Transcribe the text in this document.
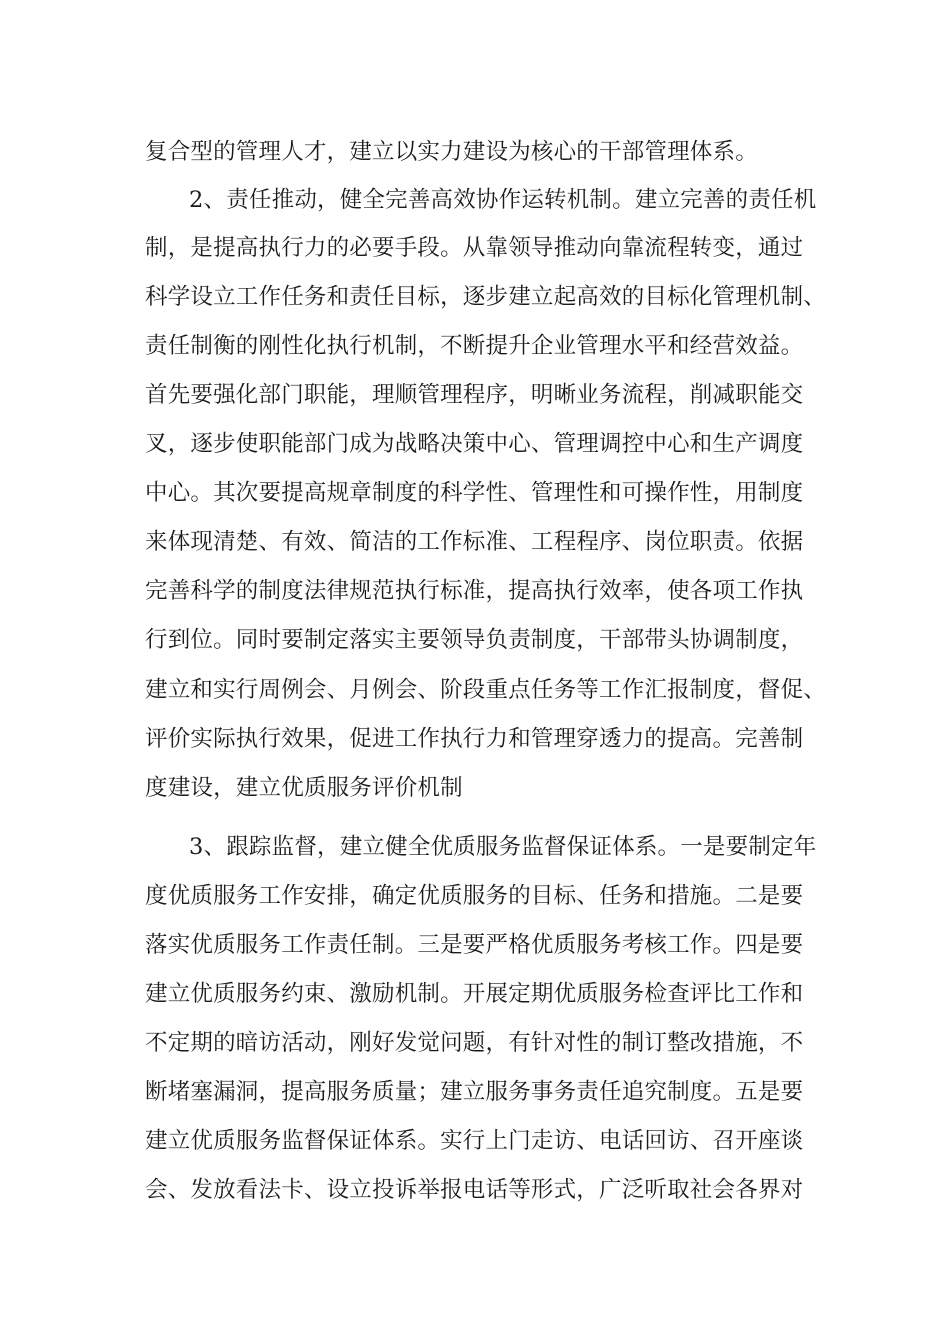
复合型的管理人才，建立以实力建设为核心的干部管理体系。
2、责任推动，健全完善高效协作运转机制。建立完善的责任机
制，是提高执行力的必要手段。从靠领导推动向靠流程转变，通过
科学设立工作任务和责任目标，逐步建立起高效的目标化管理机制、
责任制衡的刚性化执行机制，不断提升企业管理水平和经营效益。
首先要强化部门职能，理顺管理程序，明晰业务流程，削减职能交
叉，逐步使职能部门成为战略决策中心、管理调控中心和生产调度
中心。其次要提高规章制度的科学性、管理性和可操作性，用制度
来体现清楚、有效、简洁的工作标准、工程程序、岗位职责。依据
完善科学的制度法律规范执行标准，提高执行效率，使各项工作执
行到位。同时要制定落实主要领导负责制度，干部带头协调制度，
建立和实行周例会、月例会、阶段重点任务等工作汇报制度，督促、
评价实际执行效果，促进工作执行力和管理穿透力的提高。完善制
度建设，建立优质服务评价机制
3、跟踪监督，建立健全优质服务监督保证体系。一是要制定年
度优质服务工作安排，确定优质服务的目标、任务和措施。二是要
落实优质服务工作责任制。三是要严格优质服务考核工作。四是要
建立优质服务约束、激励机制。开展定期优质服务检查评比工作和
不定期的暗访活动，刚好发觉问题，有针对性的制订整改措施，不
断堵塞漏洞，提高服务质量；建立服务事务责任追究制度。五是要
建立优质服务监督保证体系。实行上门走访、电话回访、召开座谈
会、发放看法卡、设立投诉举报电话等形式，广泛听取社会各界对
